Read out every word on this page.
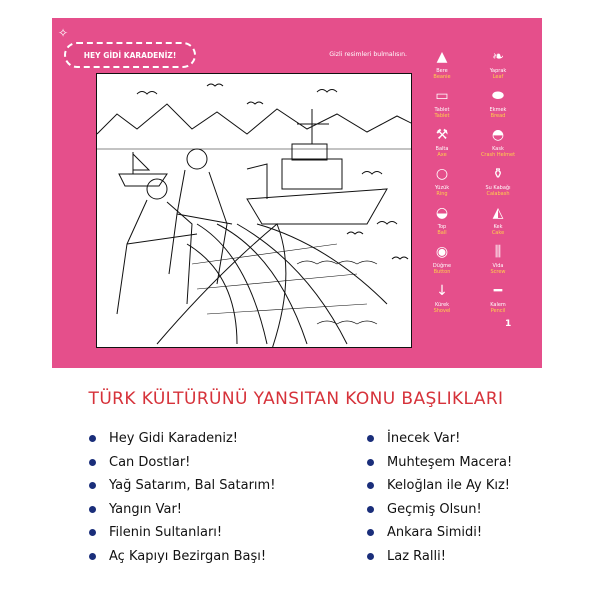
✧
HEY GİDİ KARADENİZ!	Gizli resimleri bulmalısın.	▲
Bere
Beanie
❧
Yaprak
Leaf
▭
Tablet
Tablet
⬬
Ekmek
Bread
⚒
Balta
Axe
◓
Kask
Crash Helmet
○
Yüzük
Ring
⚱
Su Kabağı
Calabash
◒
Top
Ball
◭
Kek
Cake
◉
Düğme
Button
⫼
Vida
Screw
↓
Kürek
Shovel
━
Kalem
Pencil
1
TÜRK KÜLTÜRÜNÜ YANSITAN KONU BAŞLIKLARI
Hey Gidi Karadeniz!
Can Dostlar!
Yağ Satarım, Bal Satarım!
Yangın Var!
Filenin Sultanları!
Aç Kapıyı Bezirgan Başı!
İnecek Var!
Muhteşem Macera!
Keloğlan ile Ay Kız!
Geçmiş Olsun!
Ankara Simidi!
Laz Ralli!
